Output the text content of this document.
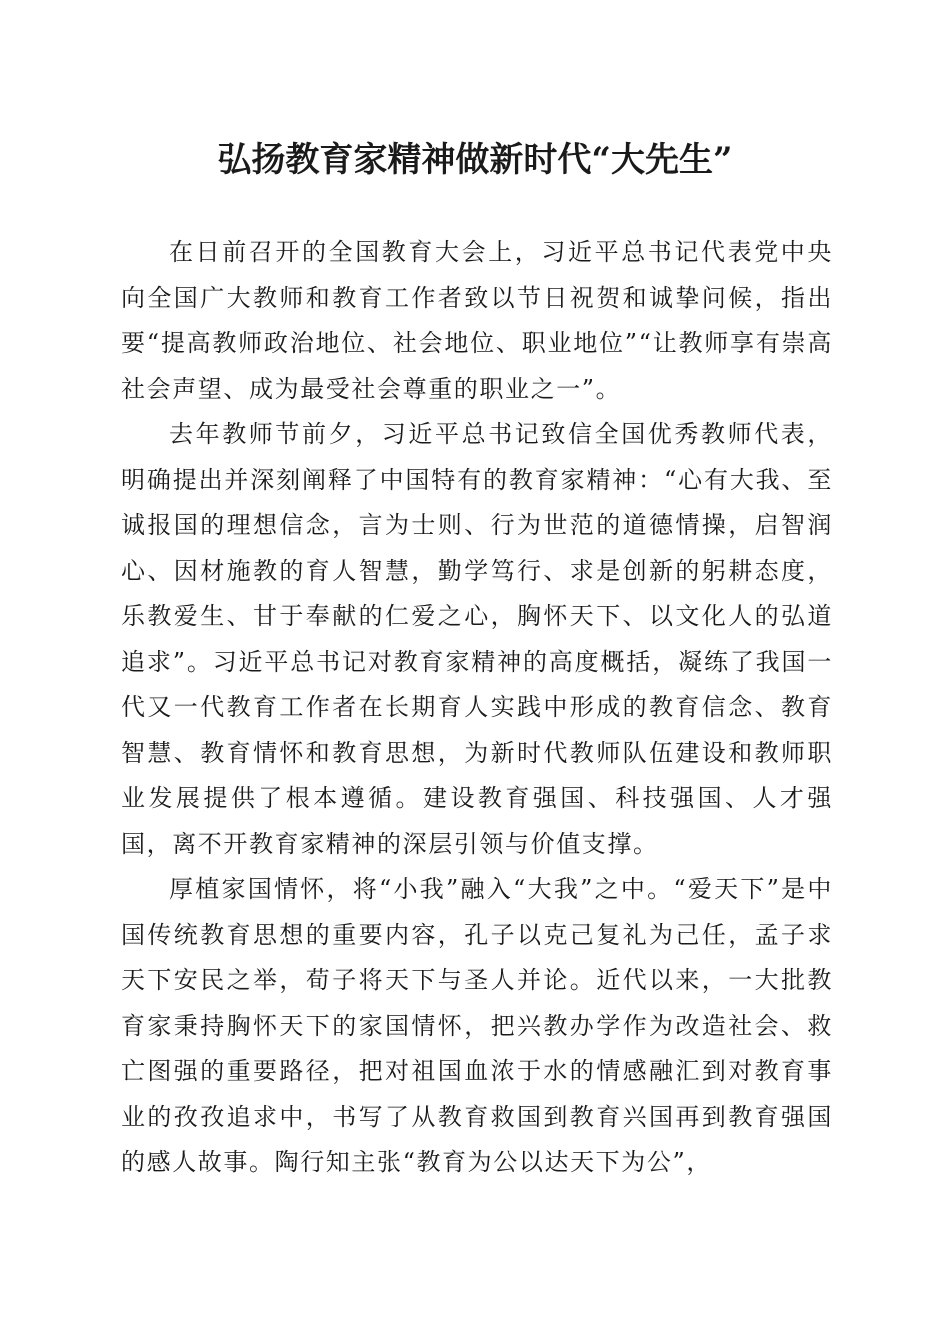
弘扬教育家精神做新时代“大先生”

在日前召开的全国教育大会上，习近平总书记代表党中央向全国广大教师和教育工作者致以节日祝贺和诚挚问候，指出要“提高教师政治地位、社会地位、职业地位”“让教师享有崇高社会声望、成为最受社会尊重的职业之一”。

去年教师节前夕，习近平总书记致信全国优秀教师代表，明确提出并深刻阐释了中国特有的教育家精神：“心有大我、至诚报国的理想信念，言为士则、行为世范的道德情操，启智润心、因材施教的育人智慧，勤学笃行、求是创新的躬耕态度，乐教爱生、甘于奉献的仁爱之心，胸怀天下、以文化人的弘道追求”。习近平总书记对教育家精神的高度概括，凝练了我国一代又一代教育工作者在长期育人实践中形成的教育信念、教育智慧、教育情怀和教育思想，为新时代教师队伍建设和教师职业发展提供了根本遵循。建设教育强国、科技强国、人才强国，离不开教育家精神的深层引领与价值支撑。

厚植家国情怀，将“小我”融入“大我”之中。“爱天下”是中国传统教育思想的重要内容，孔子以克己复礼为己任，孟子求天下安民之举，荀子将天下与圣人并论。近代以来，一大批教育家秉持胸怀天下的家国情怀，把兴教办学作为改造社会、救亡图强的重要路径，把对祖国血浓于水的情感融汇到对教育事业的孜孜追求中，书写了从教育救国到教育兴国再到教育强国的感人故事。陶行知主张“教育为公以达天下为公”，
